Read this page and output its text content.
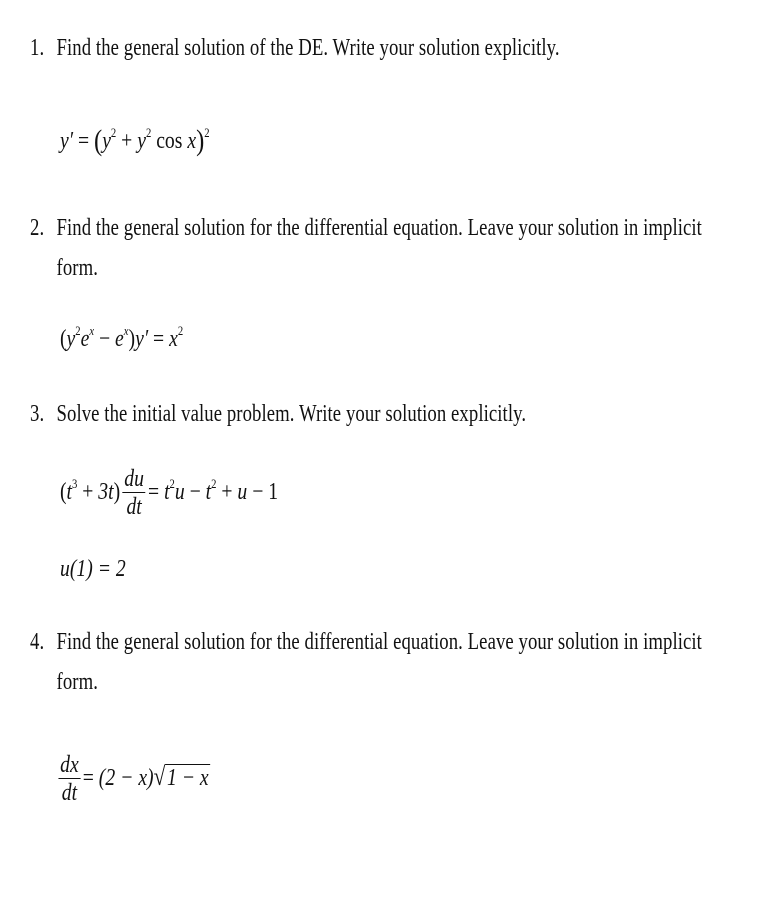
1. Find the general solution of the DE. Write your solution explicitly.
$y' = (y^2 + y^2$ cos x)$^2$
2. Find the general solution for the differential equation. Leave your solution in implicit
form.
$(y^2e^x - e^x)y' = x^2$
3. Solve the initial value problem. Write your solution explicitly.
$(t^3 + 3t) \frac{du}{dt} = t^2u - t^2 + u - 1$
u(1) = 2
4. Find the general solution for the differential equation. Leave your solution in implicit
form.
$\frac{dx}{dt} = (2 - x)√1 - x$
